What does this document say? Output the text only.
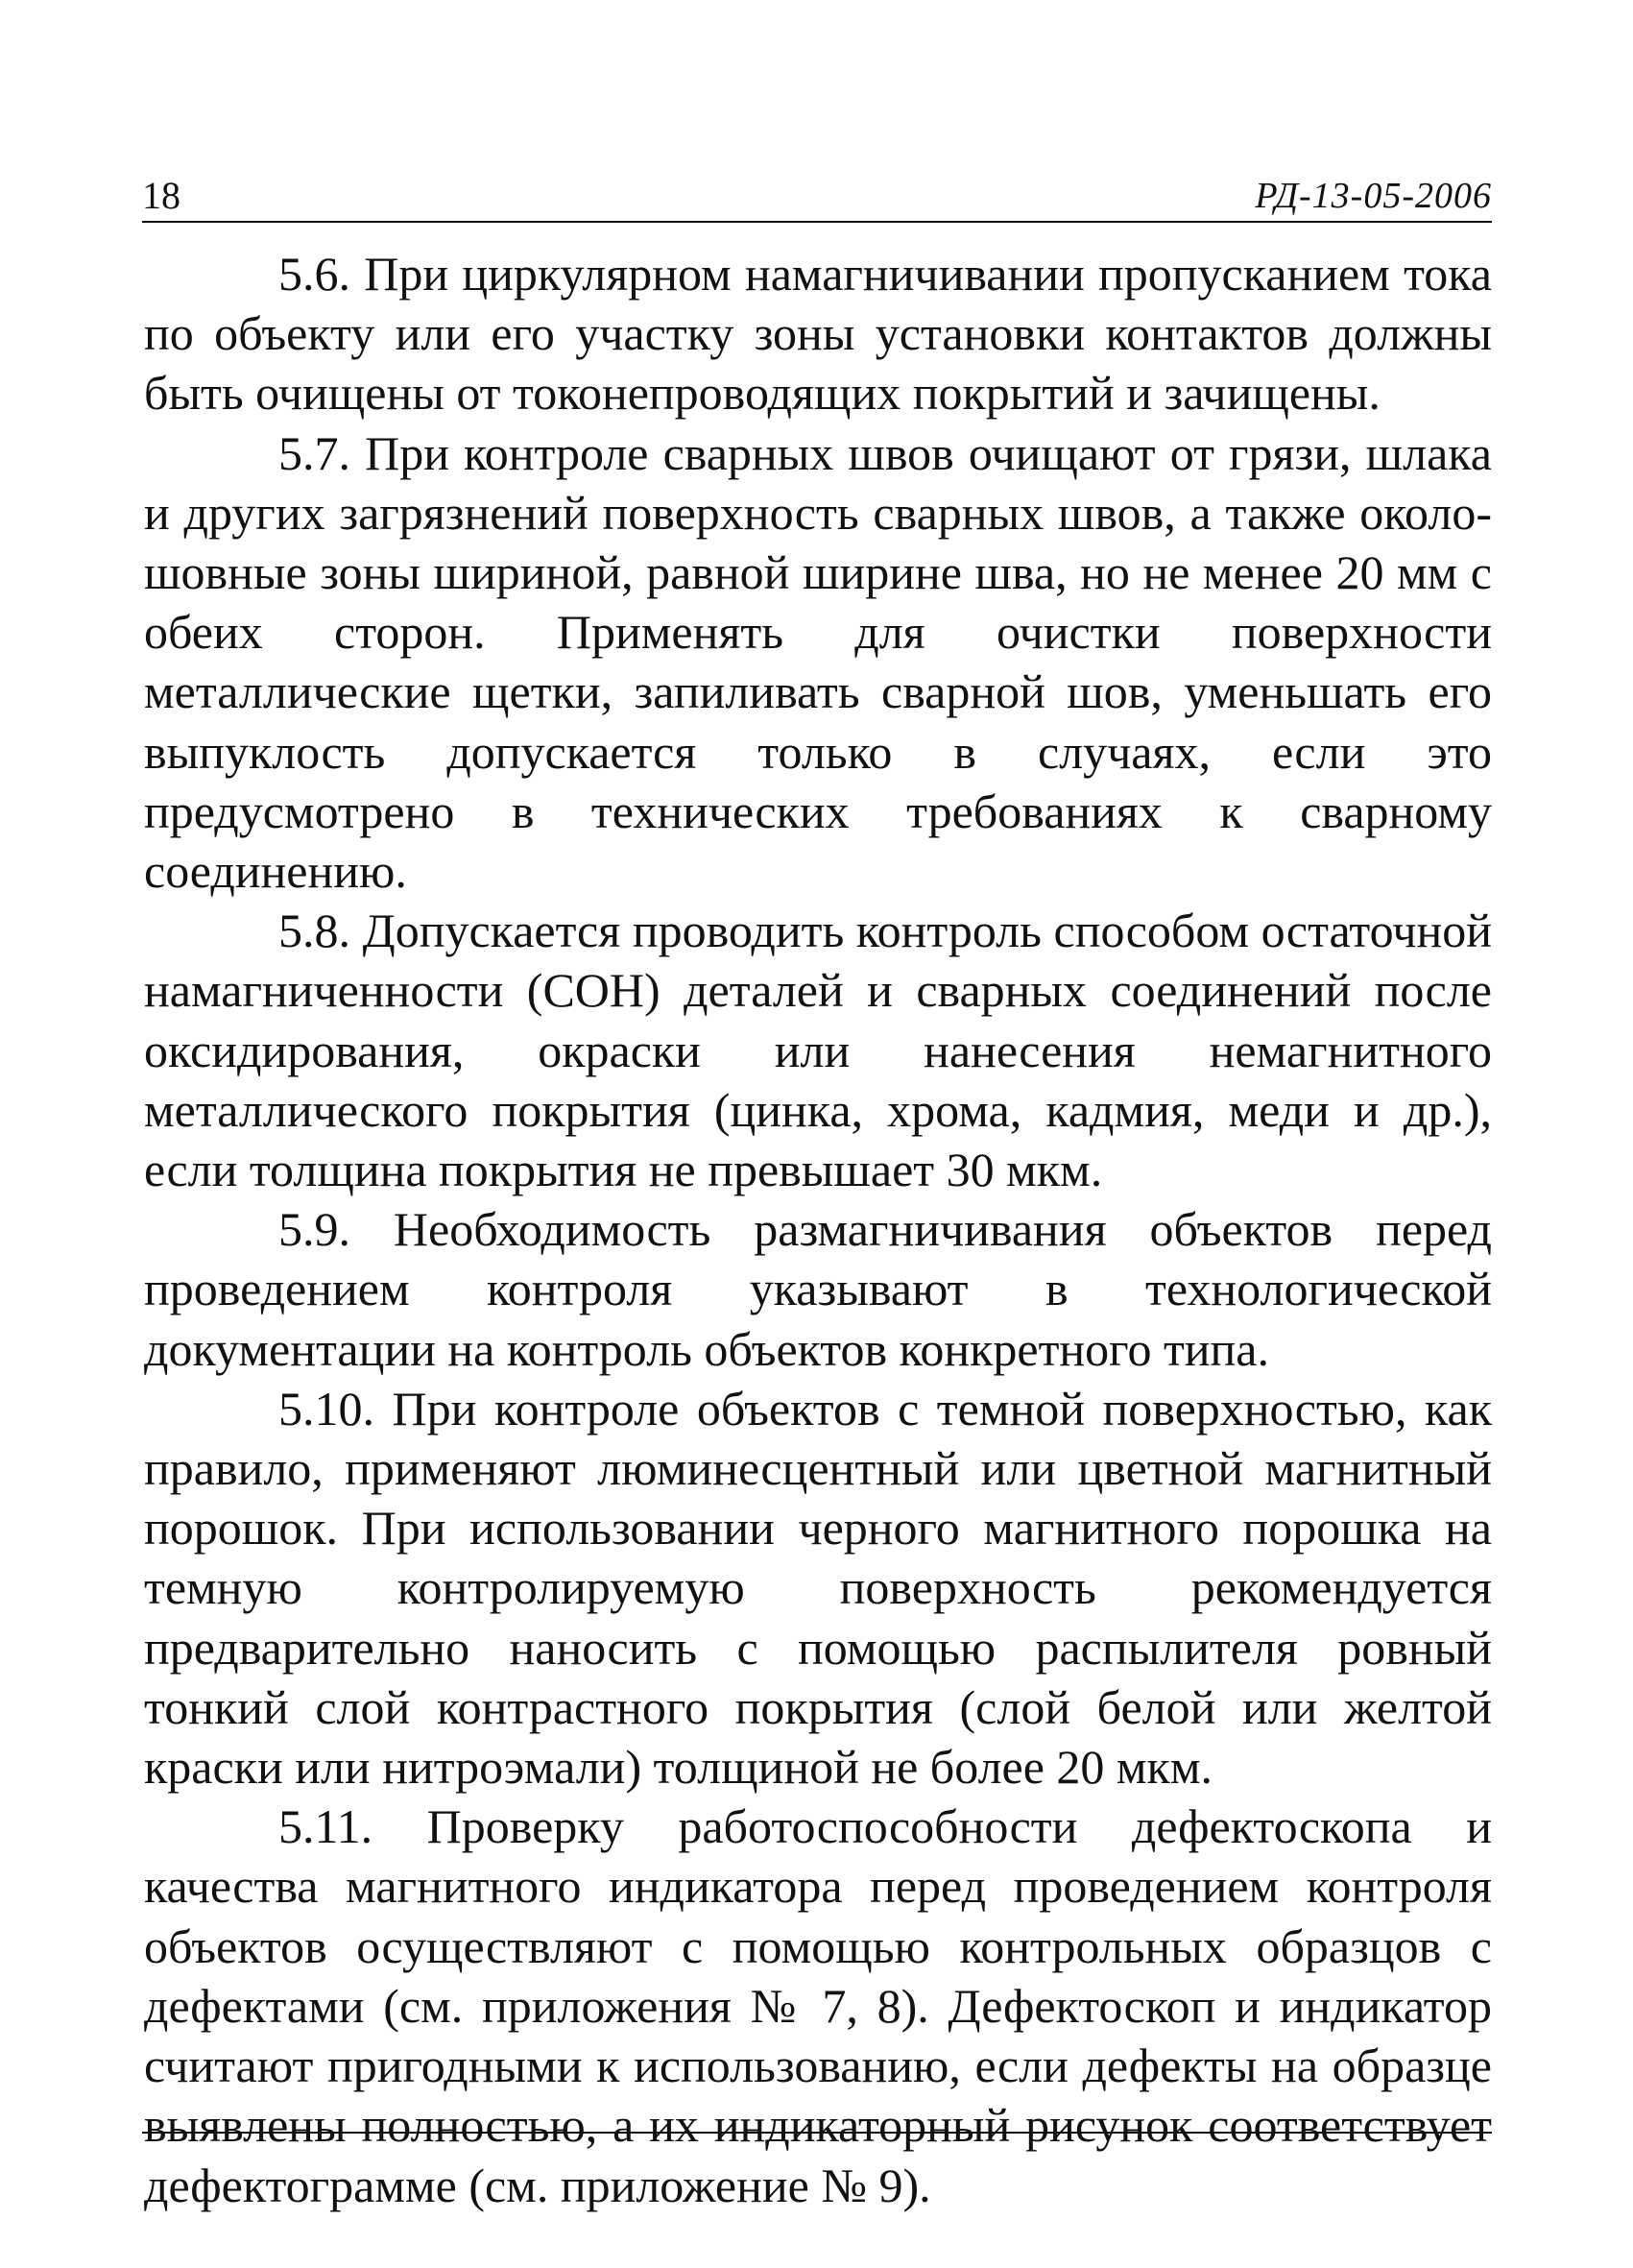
18	РД-13-05-2006

5.6. При циркулярном намагничивании пропусканием тока по объекту или его участку зоны установки контактов должны быть очищены от токонепроводящих покрытий и зачищены.

5.7. При контроле сварных швов очищают от грязи, шлака и других загрязнений поверхность сварных швов, а также околошовные зоны шириной, равной ширине шва, но не менее 20 мм с обеих сторон. Применять для очистки поверхности металлические щетки, запиливать сварной шов, уменьшать его выпуклость допускается только в случаях, если это предусмотрено в технических требованиях к сварному соединению.

5.8. Допускается проводить контроль способом остаточной намагниченности (СОН) деталей и сварных соединений после оксидирования, окраски или нанесения немагнитного металлического покрытия (цинка, хрома, кадмия, меди и др.), если толщина покрытия не превышает 30 мкм.

5.9. Необходимость размагничивания объектов перед проведением контроля указывают в технологической документации на контроль объектов конкретного типа.

5.10. При контроле объектов с темной поверхностью, как правило, применяют люминесцентный или цветной магнитный порошок. При использовании черного магнитного порошка на темную контролируемую поверхность рекомендуется предварительно наносить с помощью распылителя ровный тонкий слой контрастного покрытия (слой белой или желтой краски или нитроэмали) толщиной не более 20 мкм.

5.11. Проверку работоспособности дефектоскопа и качества магнитного индикатора перед проведением контроля объектов осуществляют с помощью контрольных образцов с дефектами (см. приложения № 7, 8). Дефектоскоп и индикатор считают пригодными к использованию, если дефекты на образце выявлены полностью, а их индикаторный рисунок соответствует дефектограмме (см. приложение № 9).
